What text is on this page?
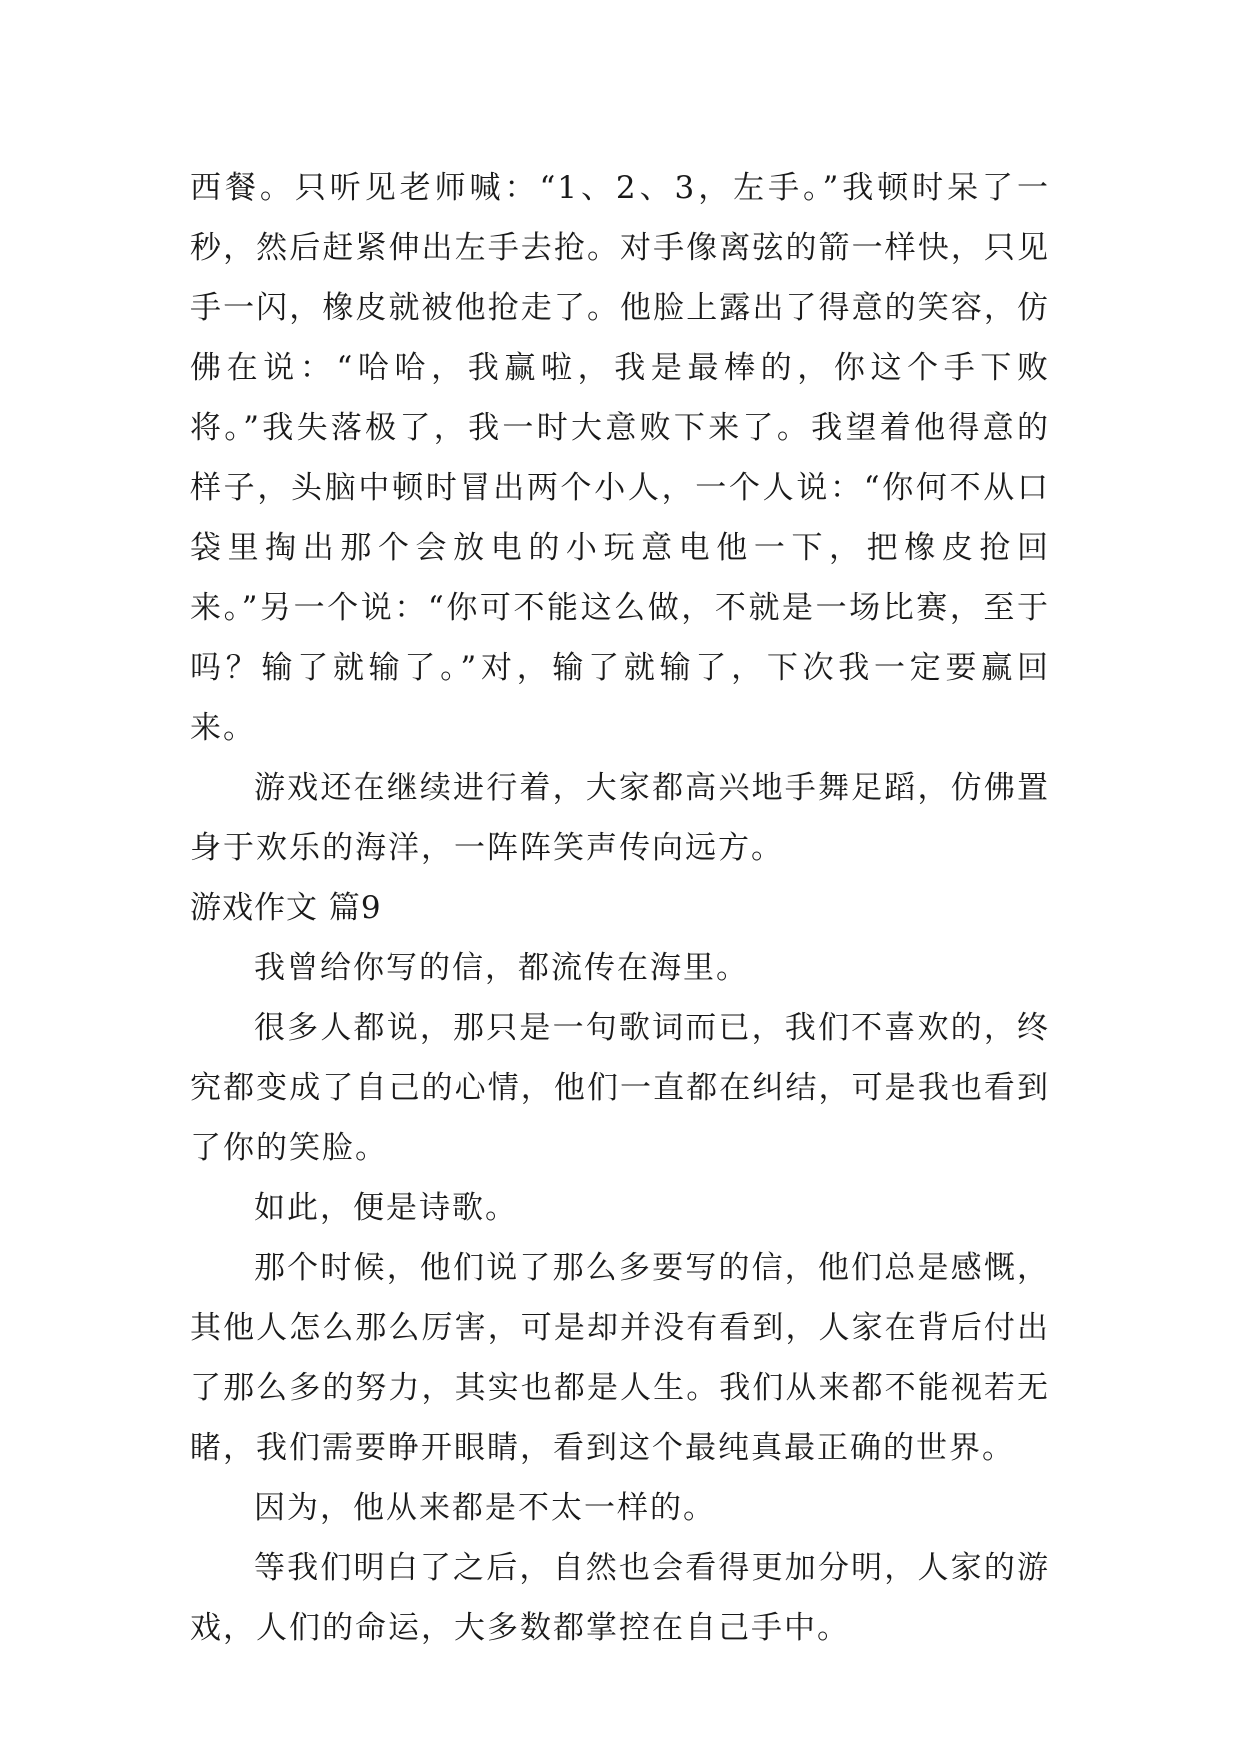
西餐。只听见老师喊：“1、2、3，左手。”我顿时呆了一秒，然后赶紧伸出左手去抢。对手像离弦的箭一样快，只见手一闪，橡皮就被他抢走了。他脸上露出了得意的笑容，仿佛在说：“哈哈，我赢啦，我是最棒的，你这个手下败将。”我失落极了，我一时大意败下来了。我望着他得意的样子，头脑中顿时冒出两个小人，一个人说：“你何不从口袋里掏出那个会放电的小玩意电他一下，把橡皮抢回来。”另一个说：“你可不能这么做，不就是一场比赛，至于吗？输了就输了。”对，输了就输了，下次我一定要赢回来。

游戏还在继续进行着，大家都高兴地手舞足蹈，仿佛置身于欢乐的海洋，一阵阵笑声传向远方。

游戏作文 篇9

我曾给你写的信，都流传在海里。

很多人都说，那只是一句歌词而已，我们不喜欢的，终究都变成了自己的心情，他们一直都在纠结，可是我也看到了你的笑脸。

如此，便是诗歌。

那个时候，他们说了那么多要写的信，他们总是感慨，其他人怎么那么厉害，可是却并没有看到，人家在背后付出了那么多的努力，其实也都是人生。我们从来都不能视若无睹，我们需要睁开眼睛，看到这个最纯真最正确的世界。

因为，他从来都是不太一样的。

等我们明白了之后，自然也会看得更加分明，人家的游戏，人们的命运，大多数都掌控在自己手中。
